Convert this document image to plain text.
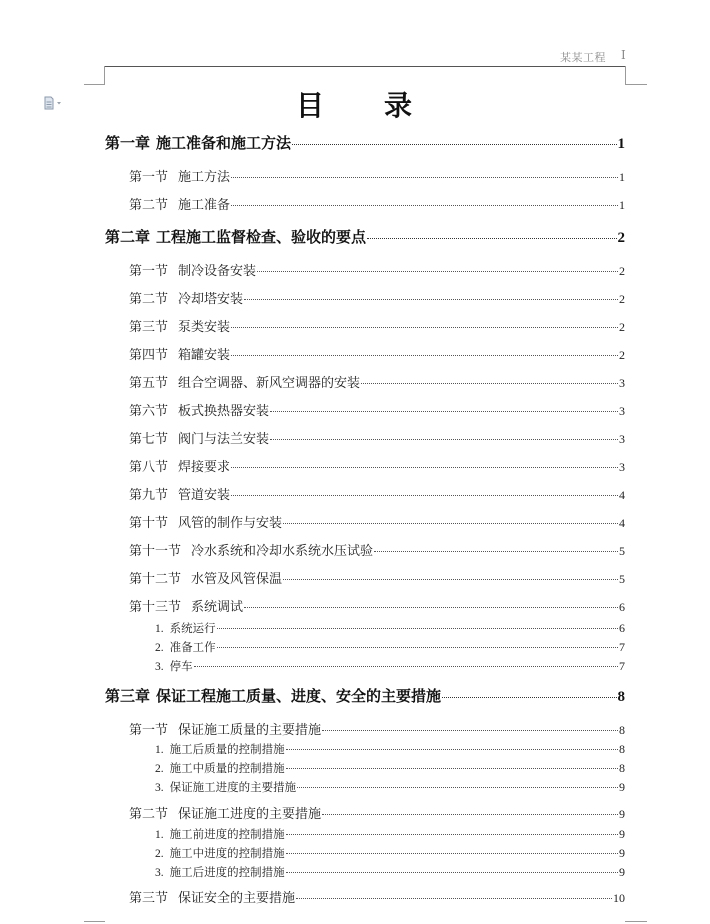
某某工程 I
目 录
第一章 施工准备和施工方法	1
第一节 施工方法	1
第二节 施工准备	1
第二章 工程施工监督检查、验收的要点	2
第一节 制冷设备安装	2
第二节 冷却塔安装	2
第三节 泵类安装	2
第四节 箱罐安装	2
第五节 组合空调器、新风空调器的安装	3
第六节 板式换热器安装	3
第七节 阀门与法兰安装	3
第八节 焊接要求	3
第九节 管道安装	4
第十节 风管的制作与安装	4
第十一节 冷水系统和冷却水系统水压试验	5
第十二节 水管及风管保温	5
第十三节 系统调试	6
1. 系统运行	6
2. 准备工作	7
3. 停车	7
第三章 保证工程施工质量、进度、安全的主要措施	8
第一节 保证施工质量的主要措施	8
1. 施工后质量的控制措施	8
2. 施工中质量的控制措施	8
3. 保证施工进度的主要措施	9
第二节 保证施工进度的主要措施	9
1. 施工前进度的控制措施	9
2. 施工中进度的控制措施	9
3. 施工后进度的控制措施	9
第三节 保证安全的主要措施	10
